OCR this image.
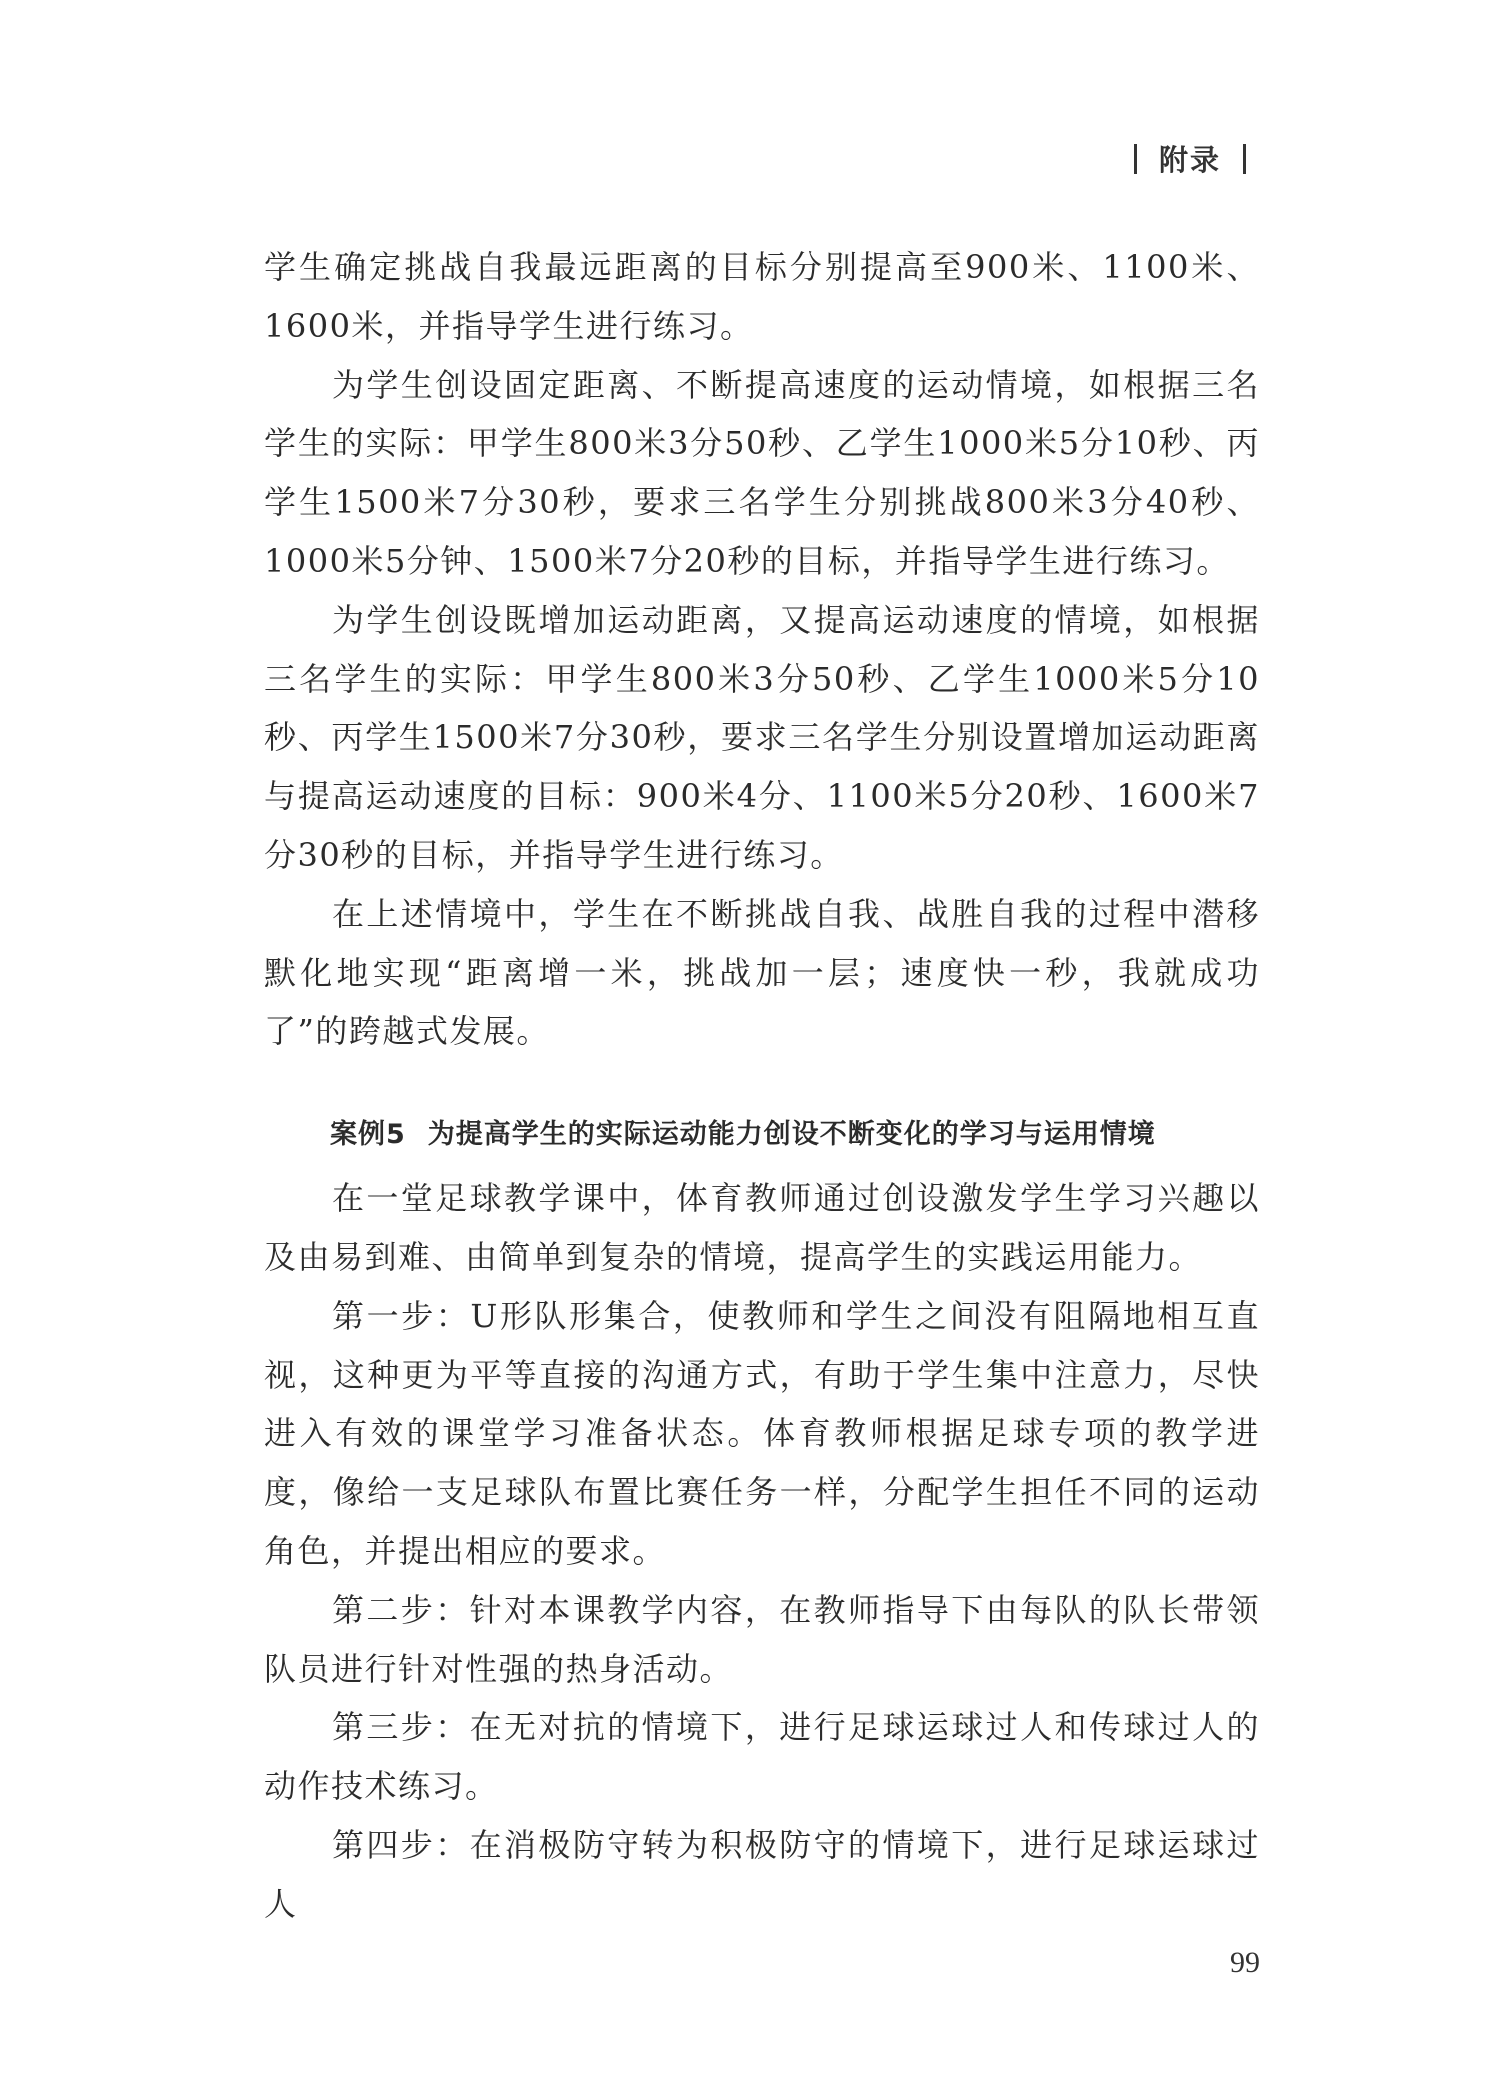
附录

学生确定挑战自我最远距离的目标分别提高至900米、1100米、1600米，并指导学生进行练习。

为学生创设固定距离、不断提高速度的运动情境，如根据三名学生的实际：甲学生800米3分50秒、乙学生1000米5分10秒、丙学生1500米7分30秒，要求三名学生分别挑战800米3分40秒、1000米5分钟、1500米7分20秒的目标，并指导学生进行练习。

为学生创设既增加运动距离，又提高运动速度的情境，如根据三名学生的实际：甲学生800米3分50秒、乙学生1000米5分10秒、丙学生1500米7分30秒，要求三名学生分别设置增加运动距离与提高运动速度的目标：900米4分、1100米5分20秒、1600米7分30秒的目标，并指导学生进行练习。

在上述情境中，学生在不断挑战自我、战胜自我的过程中潜移默化地实现“距离增一米，挑战加一层；速度快一秒，我就成功了”的跨越式发展。

案例5 为提高学生的实际运动能力创设不断变化的学习与运用情境

在一堂足球教学课中，体育教师通过创设激发学生学习兴趣以及由易到难、由简单到复杂的情境，提高学生的实践运用能力。

第一步：U形队形集合，使教师和学生之间没有阻隔地相互直视，这种更为平等直接的沟通方式，有助于学生集中注意力，尽快进入有效的课堂学习准备状态。体育教师根据足球专项的教学进度，像给一支足球队布置比赛任务一样，分配学生担任不同的运动角色，并提出相应的要求。

第二步：针对本课教学内容，在教师指导下由每队的队长带领队员进行针对性强的热身活动。

第三步：在无对抗的情境下，进行足球运球过人和传球过人的动作技术练习。

第四步：在消极防守转为积极防守的情境下，进行足球运球过人

99
